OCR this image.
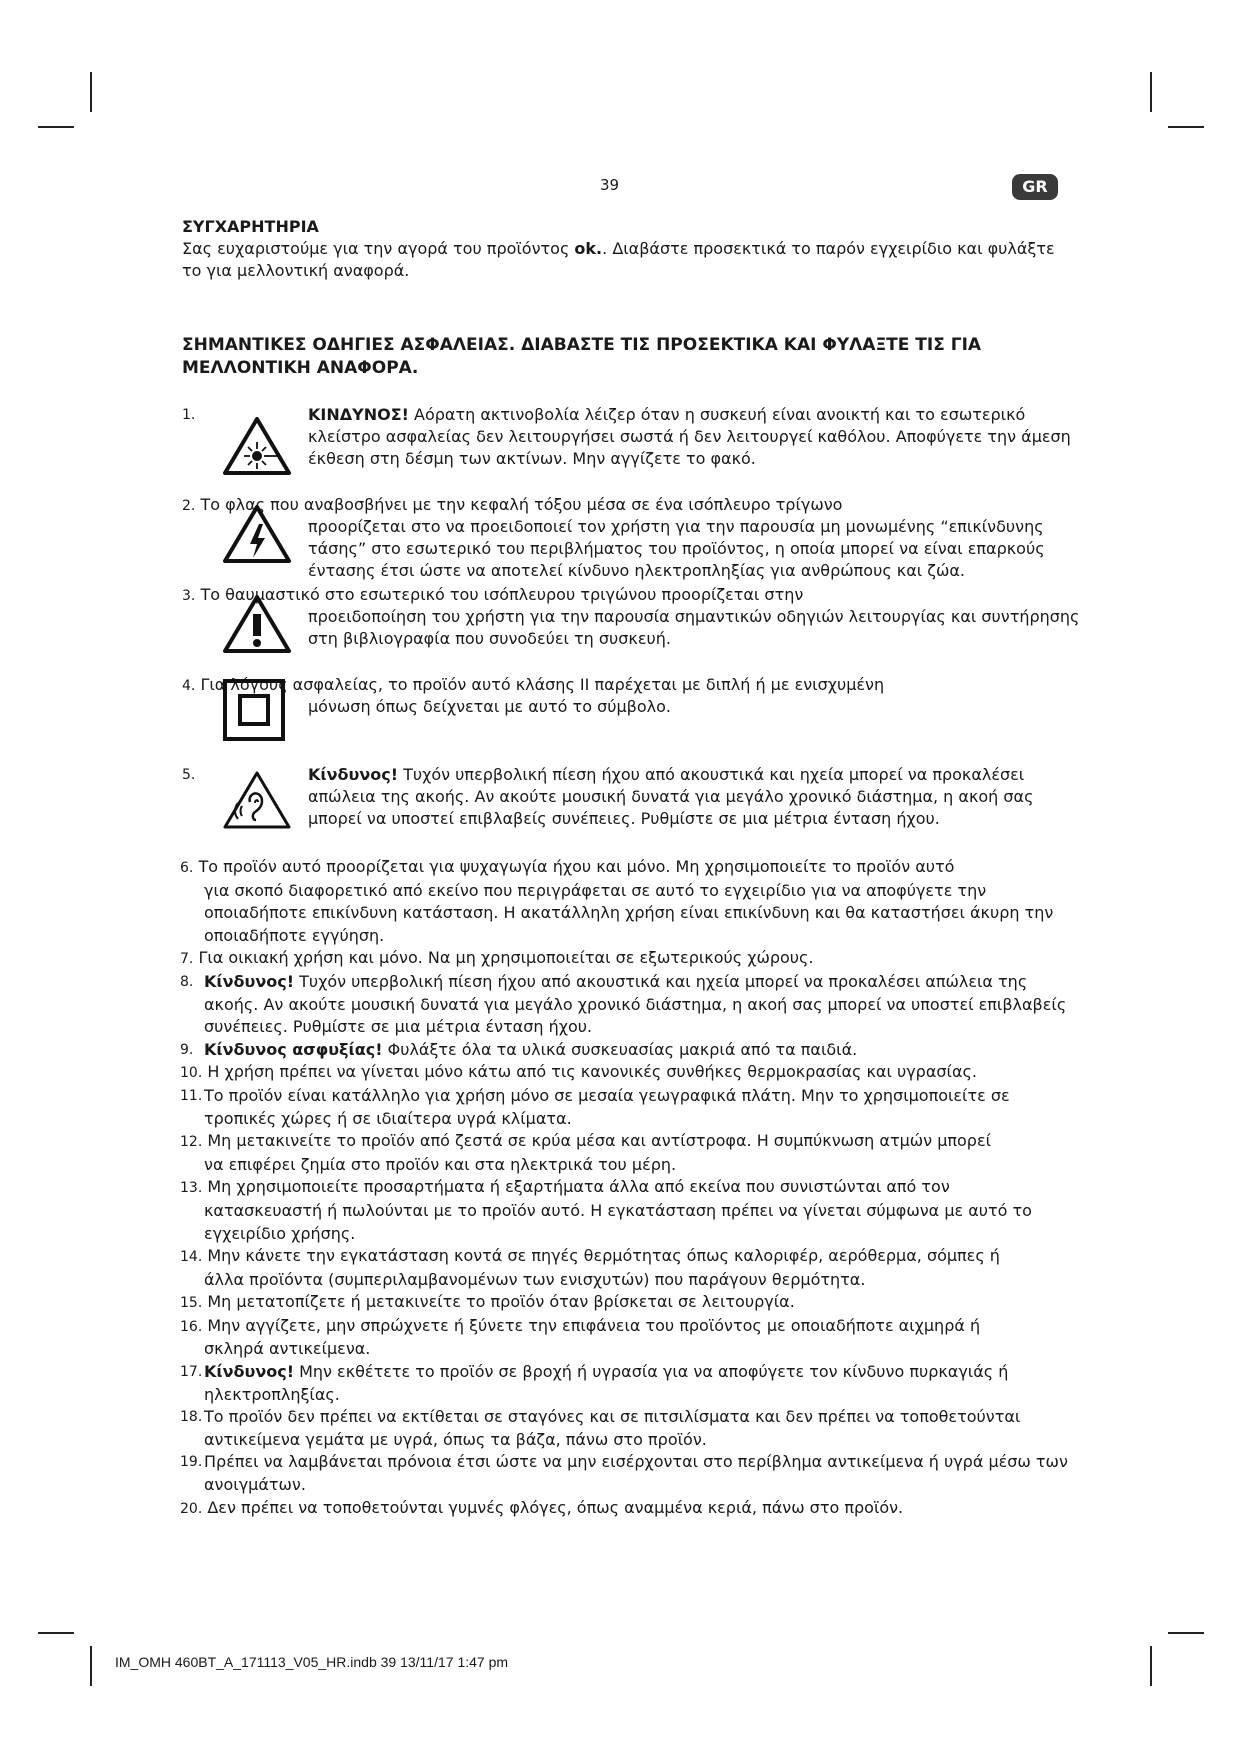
39	GR
ΣΥΓΧΑΡΗΤΗΡΙΑ
Σας ευχαριστούμε για την αγορά του προϊόντος ok.. Διαβάστε προσεκτικά το παρόν εγχειρίδιο και φυλάξτε το για μελλοντική αναφορά.
ΣΗΜΑΝΤΙΚΕΣ ΟΔΗΓΙΕΣ ΑΣΦΑΛΕΙΑΣ. ΔΙΑΒΑΣΤΕ ΤΙΣ ΠΡΟΣΕΚΤΙΚΑ ΚΑΙ ΦΥΛΑΞΤΕ ΤΙΣ ΓΙΑ ΜΕΛΛΟΝΤΙΚΗ ΑΝΑΦΟΡΑ.
1.	ΚΙΝΔΥΝΟΣ! Αόρατη ακτινοβολία λέιζερ όταν η συσκευή είναι ανοικτή και το εσωτερικό κλείστρο ασφαλείας δεν λειτουργήσει σωστά ή δεν λειτουργεί καθόλου. Αποφύγετε την άμεση έκθεση στη δέσμη των ακτίνων. Μην αγγίζετε το φακό.
2. Το φλας που αναβοσβήνει με την κεφαλή τόξου μέσα σε ένα ισόπλευρο τρίγωνο
προορίζεται στο να προειδοποιεί τον χρήστη για την παρουσία μη μονωμένης “επικίνδυνης τάσης” στο εσωτερικό του περιβλήματος του προϊόντος, η οποία μπορεί να είναι επαρκούς έντασης έτσι ώστε να αποτελεί κίνδυνο ηλεκτροπληξίας για ανθρώπους και ζώα.
3. Το θαυμαστικό στο εσωτερικό του ισόπλευρου τριγώνου προορίζεται στην
προειδοποίηση του χρήστη για την παρουσία σημαντικών οδηγιών λειτουργίας και συντήρησης στη βιβλιογραφία που συνοδεύει τη συσκευή.
4. Για λόγους ασφαλείας, το προϊόν αυτό κλάσης II παρέχεται με διπλή ή με ενισχυμένη
μόνωση όπως δείχνεται με αυτό το σύμβολο.
5.	Κίνδυνος! Τυχόν υπερβολική πίεση ήχου από ακουστικά και ηχεία μπορεί να προκαλέσει απώλεια της ακοής. Αν ακούτε μουσική δυνατά για μεγάλο χρονικό διάστημα, η ακοή σας μπορεί να υποστεί επιβλαβείς συνέπειες. Ρυθμίστε σε μια μέτρια ένταση ήχου.
6. Το προϊόν αυτό προορίζεται για ψυχαγωγία ήχου και μόνο. Μη χρησιμοποιείτε το προϊόν αυτό
για σκοπό διαφορετικό από εκείνο που περιγράφεται σε αυτό το εγχειρίδιο για να αποφύγετε την οποιαδήποτε επικίνδυνη κατάσταση. Η ακατάλληλη χρήση είναι επικίνδυνη και θα καταστήσει άκυρη την οποιαδήποτε εγγύηση.
7. Για οικιακή χρήση και μόνο. Να μη χρησιμοποιείται σε εξωτερικούς χώρους.
8. Κίνδυνος! Τυχόν υπερβολική πίεση ήχου από ακουστικά και ηχεία μπορεί να προκαλέσει απώλεια της ακοής. Αν ακούτε μουσική δυνατά για μεγάλο χρονικό διάστημα, η ακοή σας μπορεί να υποστεί επιβλαβείς συνέπειες. Ρυθμίστε σε μια μέτρια ένταση ήχου.
9. Κίνδυνος ασφυξίας! Φυλάξτε όλα τα υλικά συσκευασίας μακριά από τα παιδιά.
10. Η χρήση πρέπει να γίνεται μόνο κάτω από τις κανονικές συνθήκες θερμοκρασίας και υγρασίας.
11. Το προϊόν είναι κατάλληλο για χρήση μόνο σε μεσαία γεωγραφικά πλάτη. Μην το χρησιμοποιείτε σε τροπικές χώρες ή σε ιδιαίτερα υγρά κλίματα.
12. Μη μετακινείτε το προϊόν από ζεστά σε κρύα μέσα και αντίστροφα. Η συμπύκνωση ατμών μπορεί
να επιφέρει ζημία στο προϊόν και στα ηλεκτρικά του μέρη.
13. Μη χρησιμοποιείτε προσαρτήματα ή εξαρτήματα άλλα από εκείνα που συνιστώνται από τον
κατασκευαστή ή πωλούνται με το προϊόν αυτό. Η εγκατάσταση πρέπει να γίνεται σύμφωνα με αυτό το εγχειρίδιο χρήσης.
14. Μην κάνετε την εγκατάσταση κοντά σε πηγές θερμότητας όπως καλοριφέρ, αερόθερμα, σόμπες ή
άλλα προϊόντα (συμπεριλαμβανομένων των ενισχυτών) που παράγουν θερμότητα.
15. Μη μετατοπίζετε ή μετακινείτε το προϊόν όταν βρίσκεται σε λειτουργία.
16. Μην αγγίζετε, μην σπρώχνετε ή ξύνετε την επιφάνεια του προϊόντος με οποιαδήποτε αιχμηρά ή
σκληρά αντικείμενα.
17. Κίνδυνος! Μην εκθέτετε το προϊόν σε βροχή ή υγρασία για να αποφύγετε τον κίνδυνο πυρκαγιάς ή ηλεκτροπληξίας.
18. Το προϊόν δεν πρέπει να εκτίθεται σε σταγόνες και σε πιτσιλίσματα και δεν πρέπει να τοποθετούνται αντικείμενα γεμάτα με υγρά, όπως τα βάζα, πάνω στο προϊόν.
19. Πρέπει να λαμβάνεται πρόνοια έτσι ώστε να μην εισέρχονται στο περίβλημα αντικείμενα ή υγρά μέσω των ανοιγμάτων.
20. Δεν πρέπει να τοποθετούνται γυμνές φλόγες, όπως αναμμένα κεριά, πάνω στο προϊόν.
IM_OMH 460BT_A_171113_V05_HR.indb 39 13/11/17 1:47 pm
